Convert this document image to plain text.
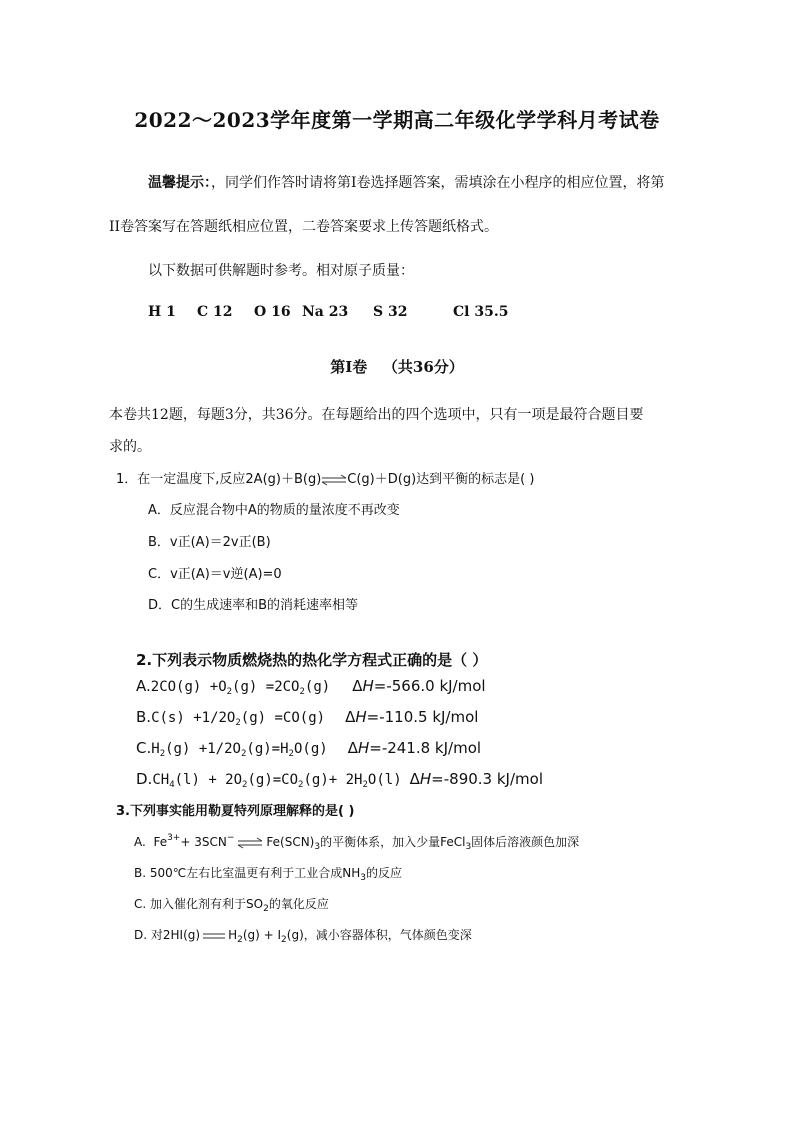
2022～2023学年度第一学期高二年级化学学科月考试卷
温馨提示：，同学们作答时请将第Ⅰ卷选择题答案，需填涂在小程序的相应位置，将第
II卷答案写在答题纸相应位置，二卷答案要求上传答题纸格式。
以下数据可供解题时参考。相对原子质量：
H 1 C 12 O 16 Na 23 S 32	Cl 35.5
第Ⅰ卷 （共36分）
本卷共12题，每题3分，共36分。在每题给出的四个选项中，只有一项是最符合题目要
求的。
1．在一定温度下,反应2A(g)＋B(g)⇌C(g)＋D(g)达到平衡的标志是( )
A．反应混合物中A的物质的量浓度不再改变
B．v正(A)＝2v正(B)
C．v正(A)＝v逆(A)=0
D．C的生成速率和B的消耗速率相等
2.下列表示物质燃烧热的热化学方程式正确的是（ ）
$A.2CO(g) +O_2(g) =2CO_2(g)$ ΔH=-566.0 kJ/mol
$B.C(s) +1/2O_2(g) =CO(g)$ ΔH=-110.5 kJ/mol
$C.H_2(g) +1/2O_2(g)=H_2O(g)$ ΔH=-241.8 kJ/mol
$D.CH_4(l) + 2O_2(g)=CO_2(g)+ 2H_2O(l)$ ΔH=-890.3 kJ/mol
3.下列事实能用勒夏特列原理解释的是( )
A.  $Fe^{3+}+ 3SCN^-$ ⇌ $Fe(SCN)_3$的平衡体系，加入少量FeCl$_3$固体后溶液颜色加深
B. 500℃左右比室温更有利于工业合成$NH_3$的反应
C. 加入催化剂有利于$SO_2$的氧化反应
D. 对2HI(g) $H_2(g) + I_2(g)$，减小容器体积，气体颜色变深
